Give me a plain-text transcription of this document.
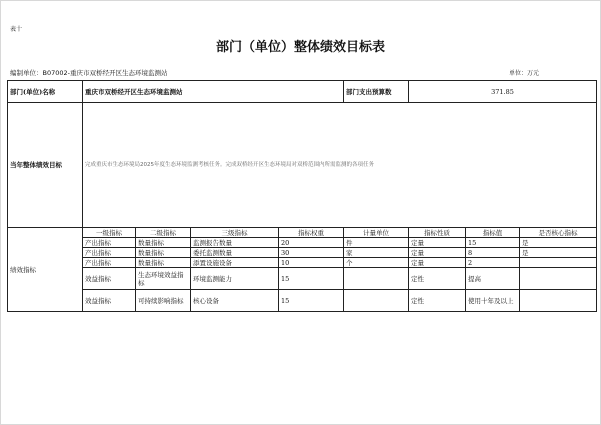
表十
部门（单位）整体绩效目标表
编制单位：B07002-重庆市双桥经开区生态环境监测站	单位：万元
部门(单位)名称	重庆市双桥经开区生态环境监测站				部门支出预算数	371.85		
当年整体绩效目标	完成重庆市生态环境局2025年度生态环境监测考核任务。完成双桥经开区生态环境局对双桥范围内所需监测的各项任务							
绩效指标	一级指标	二级指标	三级指标	指标权重	计量单位	指标性质	指标值	是否核心指标
	产出指标	数量指标	监测报告数量	20	件	定量	15	是
	产出指标	数量指标	委托监测数量	30	家	定量	8	是
	产出指标	数量指标	添置设施设备	10	个	定量	2	
	效益指标	生态环境效益指标	环境监测能力	15		定性	提高	
	效益指标	可持续影响指标	核心设备	15		定性	使用十年及以上	
